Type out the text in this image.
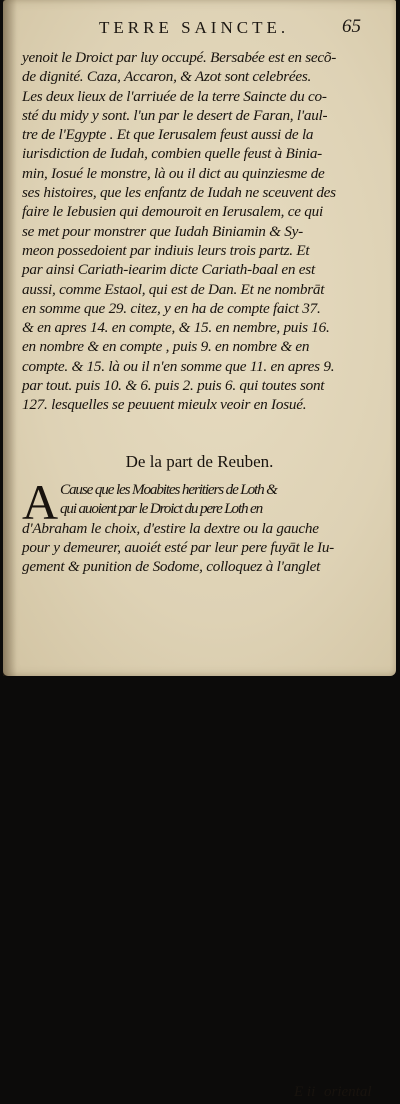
TERRE SAINCTE.	65
yenoit le Droict par luy occupé. Bersabée est en secõ-
de dignité. Caza, Accaron, & Azot sont celebrées.
Les deux lieux de l'arriuée de la terre Saincte du co-
sté du midy y sont. l'un par le desert de Faran, l'aul-
tre de l'Egypte . Et que Ierusalem feust aussi de la
iurisdiction de Iudah, combien quelle feust à Binia-
min, Iosué le monstre, là ou il dict au quinziesme de
ses histoires, que les enfantz de Iudah ne sceuvent des
faire le Iebusien qui demouroit en Ierusalem, ce qui
se met pour monstrer que Iudah Biniamin & Sy-
meon possedoient par indiuis leurs trois partz. Et
par ainsi Cariath-iearim dicte Cariath-baal en est
aussi, comme Estaol, qui est de Dan. Et ne nombrāt
en somme que 29. citez, y en ha de compte faict 37.
& en apres 14. en compte, & 15. en nembre, puis 16.
en nombre & en compte , puis 9. en nombre & en
compte. & 15. là ou il n'en somme que 11. en apres 9.
par tout. puis 10. & 6. puis 2. puis 6. qui toutes sont
127. lesquelles se peuuent mieulx veoir en Iosué.
De la part de Reuben.
A Cause que les Moabites heritiers de Loth &
qui auoient par le Droict du pere Loth en
d'Abraham le choix, d'estire la dextre ou la gauche
pour y demeurer, auoiét esté par leur pere fuyāt le Iu-
gement & punition de Sodome, colloquez à l'anglet
E ii oriental
